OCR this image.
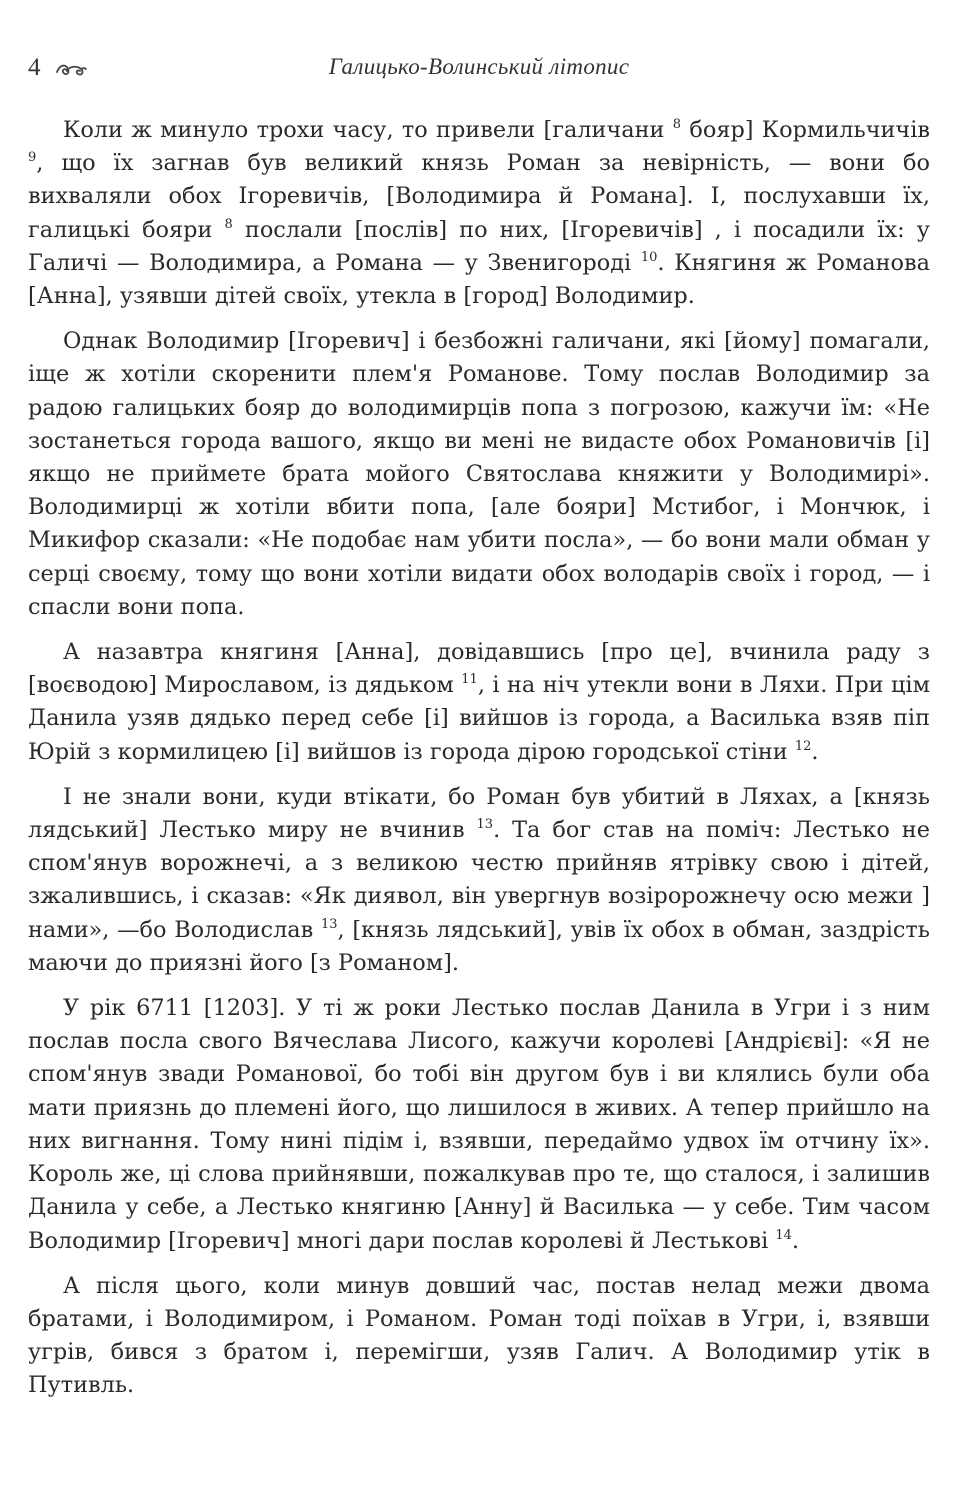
4	Галицько-Волинський літопис

Коли ж минуло трохи часу, то привели [галичани $^8$ бояр] Кормильчичів $^9$, що їх загнав був великий князь Роман за невірність, — вони бо вихваляли обох Ігоревичів, [Володимира й Романа]. І, послухавши їх, галицькі бояри $^8$ послали [послів] по них, [Ігоревичів] , і посадили їх: у Галичі — Володимира, а Романа — у Звенигороді $^{10}$. Княгиня ж Романова [Анна], узявши дітей своїх, утекла в [город] Володимир.

Однак Володимир [Ігоревич] і безбожні галичани, які [йому] помагали, іще ж хотіли скоренити плем'я Романове. Тому послав Володимир за радою галицьких бояр до володимирців попа з погрозою, кажучи їм: «Не зостанеться города вашого, якщо ви мені не видасте обох Романовичів [і] якщо не приймете брата мойого Святослава княжити у Володимирі». Володимирці ж хотіли вбити попа, [але бояри] Мстибог, і Мончюк, і Микифор сказали: «Не подобає нам убити посла», — бо вони мали обман у серці своєму, тому що вони хотіли видати обох володарів своїх і город, — і спасли вони попа.

А назавтра княгиня [Анна], довідавшись [про це], вчинила раду з [воєводою] Мирославом, із дядьком $^{11}$, і на ніч утекли вони в Ляхи. При цім Данила узяв дядько перед себе [і] вийшов із города, а Василька взяв піп Юрій з кормилицею [і] вийшов із города дірою городської стіни $^{12}$.

І не знали вони, куди втікати, бо Роман був убитий в Ляхах, а [князь лядський] Лестько миру не вчинив $^{13}$. Та бог став на поміч: Лестько не спом'янув ворожнечі, а з великою честю прийняв ятрівку свою і дітей, зжалившись, і сказав: «Як диявол, він увергнув возіророжнечу осю межи ] нами», —бо Володислав $^{13}$, [князь лядський], увів їх обох в обман, заздрість маючи до приязні його [з Романом].

У рік 6711 [1203]. У ті ж роки Лестько послав Данила в Угри і з ним послав посла свого Вячеслава Лисого, кажучи королеві [Андрієві]: «Я не спом'янув звади Романової, бо тобі він другом був і ви клялись були оба мати приязнь до племені його, що лишилося в живих. А тепер прийшло на них вигнання. Тому нині підім і, взявши, передаймо удвох їм отчину їх». Король же, ці слова прийнявши, пожалкував про те, що сталося, і залишив Данила у себе, а Лестько княгиню [Анну] й Василька — у себе. Тим часом Володимир [Ігоревич] многі дари послав королеві й Лестькові $^{14}$.

А після цього, коли минув довший час, постав нелад межи двома братами, і Володимиром, і Романом. Роман тоді поїхав в Угри, і, взявши угрів, бився з братом і, перемігши, узяв Галич. А Володимир утік в Путивль.
